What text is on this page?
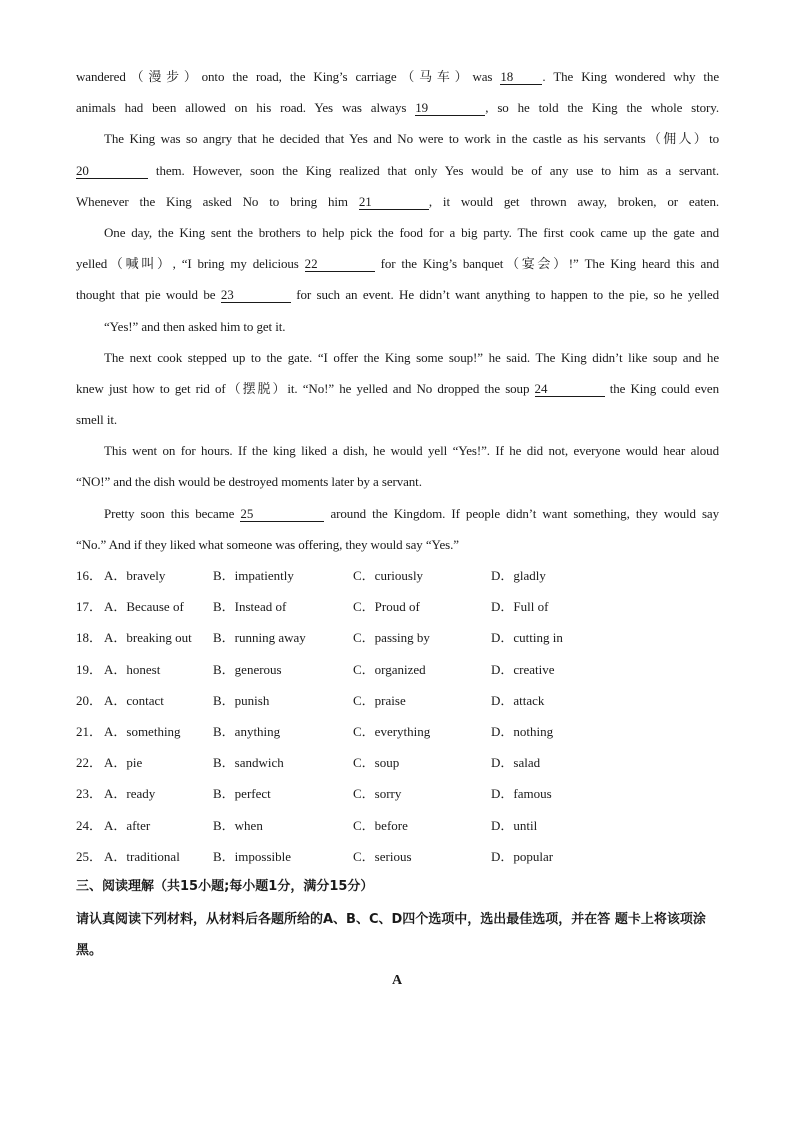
wandered（漫步）onto the road, the King’s carriage（马车）was 18 . The King wondered why the
animals had been allowed on his road. Yes was always 19	, so he told the King the whole story.
The King was so angry that he decided that Yes and No were to work in the castle as his servants（佣人）to
20	them. However, soon the King realized that only Yes would be of any use to him as a servant.
Whenever the King asked No to bring him 21	, it would get thrown away, broken, or eaten.
One day, the King sent the brothers to help pick the food for a big party. The first cook came up the gate and
yelled（喊叫）, “I bring my delicious 22	for the King’s banquet（宴会）!” The King heard this and
thought that pie would be 23	for such an event. He didn’t want anything to happen to the pie, so he yelled
“Yes!” and then asked him to get it.
The next cook stepped up to the gate. “I offer the King some soup!” he said. The King didn’t like soup and he
knew just how to get rid of（摆脱）it. “No!” he yelled and No dropped the soup 24	the King could even
smell it.
This went on for hours. If the king liked a dish, he would yell “Yes!”. If he did not, everyone would hear aloud
“NO!” and the dish would be destroyed moments later by a servant.
Pretty soon this became 25	around the Kingdom. If people didn’t want something, they would say
“No.” And if they liked what someone was offering, they would say “Yes.”
16． A．bravely	B．impatiently	C．curiously	D．gladly
17． A．Because of B．Instead of	C．Proud of	D．Full of
18． A．breaking out B．running away	C．passing by	D．cutting in
19． A．honest	B．generous	C．organized	D．creative
20． A．contact	B．punish	C．praise	D．attack
21． A．something B．anything	C．everything	D．nothing
22． A．pie	B．sandwich	C．soup	D．salad
23． A．ready	B．perfect	C．sorry	D．famous
24． A．after	B．when	C．before	D．until
25． A．traditional	B．impossible	C．serious	D．popular
三、阅读理解（共15小题;每小题1分，满分15分）
请认真阅读下列材料，从材料后各题所给的A、B、C、D四个选项中，选出最佳选项，并在答 题卡上将该项涂黑。
A
